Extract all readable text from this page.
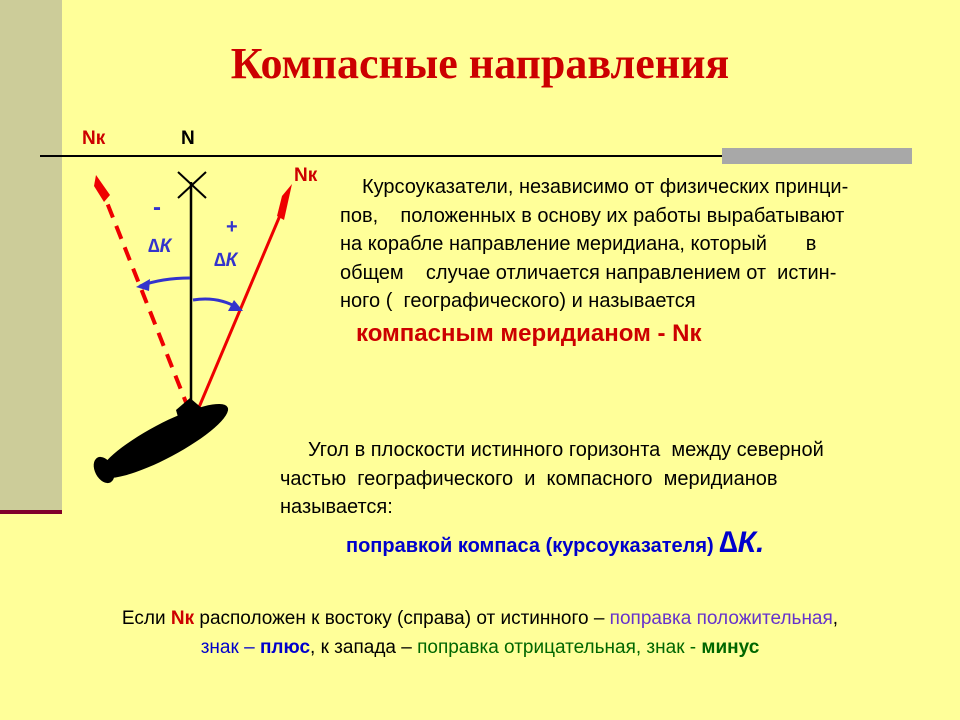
Компасные направления
Nк	N
Nк
-
+
∆К
∆К
Курсоуказатели, независимо от физических принци-
пов,    положенных в основу их работы вырабатывают
на корабле направление меридиана, который       в
общем    случае отличается направлением от  истин-
ного (  географического) и называется
компасным меридианом - Nк
Угол в плоскости истинного горизонта  между северной
частью  географического  и  компасного  меридианов
называется:
поправкой компаса (курсоуказателя) ∆К.
Если Nк расположен к востоку (справа) от истинного – поправка положительная,
знак – плюс, к запада – поправка отрицательная, знак - минус
